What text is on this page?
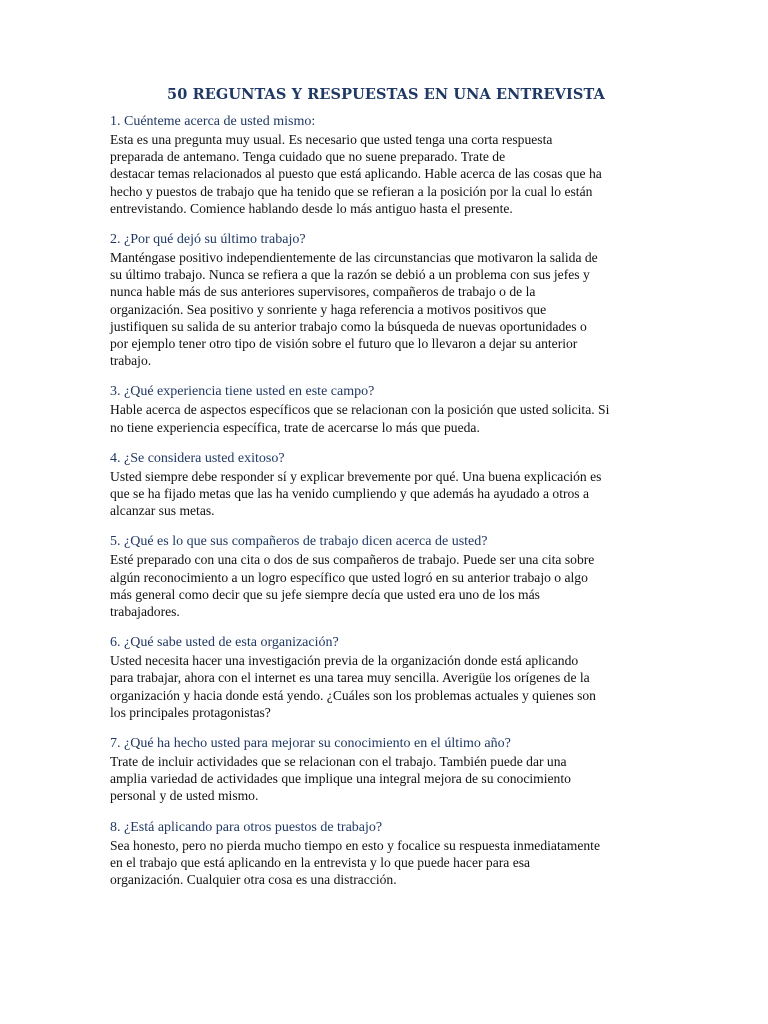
50 REGUNTAS Y RESPUESTAS EN UNA ENTREVISTA

1. Cuénteme acerca de usted mismo:

Esta es una pregunta muy usual. Es necesario que usted tenga una corta respuesta
preparada de antemano. Tenga cuidado que no suene preparado. Trate de
destacar temas relacionados al puesto que está aplicando. Hable acerca de las cosas que ha
hecho y puestos de trabajo que ha tenido que se refieran a la posición por la cual lo están
entrevistando. Comience hablando desde lo más antiguo hasta el presente.

2. ¿Por qué dejó su último trabajo?

Manténgase positivo independientemente de las circunstancias que motivaron la salida de
su último trabajo. Nunca se refiera a que la razón se debió a un problema con sus jefes y
nunca hable más de sus anteriores supervisores, compañeros de trabajo o de la
organización. Sea positivo y sonriente y haga referencia a motivos positivos que
justifiquen su salida de su anterior trabajo como la búsqueda de nuevas oportunidades o
por ejemplo tener otro tipo de visión sobre el futuro que lo llevaron a dejar su anterior
trabajo.

3. ¿Qué experiencia tiene usted en este campo?

Hable acerca de aspectos específicos que se relacionan con la posición que usted solicita. Si
no tiene experiencia específica, trate de acercarse lo más que pueda.

4. ¿Se considera usted exitoso?

Usted siempre debe responder sí y explicar brevemente por qué. Una buena explicación es
que se ha fijado metas que las ha venido cumpliendo y que además ha ayudado a otros a
alcanzar sus metas.

5. ¿Qué es lo que sus compañeros de trabajo dicen acerca de usted?

Esté preparado con una cita o dos de sus compañeros de trabajo. Puede ser una cita sobre
algún reconocimiento a un logro específico que usted logró en su anterior trabajo o algo
más general como decir que su jefe siempre decía que usted era uno de los más
trabajadores.

6. ¿Qué sabe usted de esta organización?

Usted necesita hacer una investigación previa de la organización donde está aplicando
para trabajar, ahora con el internet es una tarea muy sencilla. Averigüe los orígenes de la
organización y hacia donde está yendo. ¿Cuáles son los problemas actuales y quienes son
los principales protagonistas?

7. ¿Qué ha hecho usted para mejorar su conocimiento en el último año?

Trate de incluir actividades que se relacionan con el trabajo. También puede dar una
amplia variedad de actividades que implique una integral mejora de su conocimiento
personal y de usted mismo.

8. ¿Está aplicando para otros puestos de trabajo?

Sea honesto, pero no pierda mucho tiempo en esto y focalice su respuesta inmediatamente
en el trabajo que está aplicando en la entrevista y lo que puede hacer para esa
organización. Cualquier otra cosa es una distracción.
